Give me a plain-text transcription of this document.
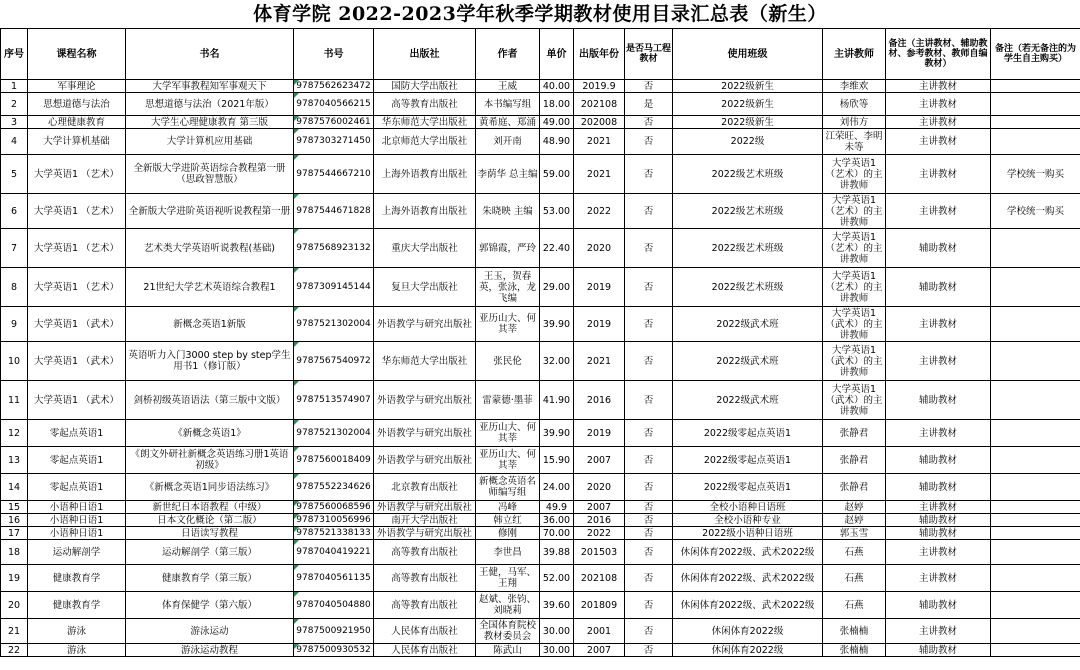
体育学院 2022-2023学年秋季学期教材使用目录汇总表（新生）
序号	课程名称	书名	书号	出版社	作者	单价	出版年份	是否马工程教材	使用班级	主讲教师	备注（主讲教材、辅助教材、参考教材、教师自编教材）	备注（若无备注的为学生自主购买）
1	军事理论	大学军事教程知军事观天下	9787562623472	国防大学出版社	王威	40.00	2019.9	否	2022级新生	李维欢	主讲教材	
2	思想道德与法治	思想道德与法治（2021年版）	9787040566215	高等教育出版社	本书编写组	18.00	202108	是	2022级新生	杨欣等	主讲教材	
3	心理健康教育	大学生心理健康教育 第三版	9787576002461	华东师范大学出版社	黄希庭、郑涌	49.00	202008	否	2022级新生	刘伟方	主讲教材	
4	大学计算机基础	大学计算机应用基础	9787303271450	北京师范大学出版社	刘开南	48.90	2021	否	2022级	江荣旺、李明未等	主讲教材	
5	大学英语1 （艺术）	全新版大学进阶英语综合教程第一册（思政智慧版）	9787544667210	上海外语教育出版社	李荫华 总主编	59.00	2021	否	2022级艺术班级	大学英语1（艺术）的主讲教师	主讲教材	学校统一购买
6	大学英语1 （艺术）	全新版大学进阶英语视听说教程第一册	9787544671828	上海外语教育出版社	朱晓映 主编	53.00	2022	否	2022级艺术班级	大学英语1（艺术）的主讲教师	主讲教材	学校统一购买
7	大学英语1 （艺术）	艺术类大学英语听说教程(基础)	9787568923132	重庆大学出版社	郭锦霞，严玲	22.40	2020	否	2022级艺术班级	大学英语1（艺术）的主讲教师	辅助教材	
8	大学英语1 （艺术）	21世纪大学艺术英语综合教程1	9787309145144	复旦大学出版社	王玉，贺春英，张泳，龙飞编	29.00	2019	否	2022级艺术班级	大学英语1（艺术）的主讲教师	辅助教材	
9	大学英语1 （武术）	新概念英语1新版	9787521302004	外语教学与研究出版社	亚历山大、何其莘	39.90	2019	否	2022级武术班	大学英语1（武术）的主讲教师	主讲教材	
10	大学英语1 （武术）	英语听力入门3000 step by step学生用书1（修订版）	9787567540972	华东师范大学出版社	张民伦	32.00	2021	否	2022级武术班	大学英语1（武术）的主讲教师	主讲教材	
11	大学英语1 （武术）	剑桥初级英语语法（第三版中文版）	9787513574907	外语教学与研究出版社	雷蒙德·墨菲	41.90	2016	否	2022级武术班	大学英语1（武术）的主讲教师	辅助教材	
12	零起点英语1	《新概念英语1》	9787521302004	外语教学与研究出版社	亚历山大、何其莘	39.90	2019	否	2022级零起点英语1	张静君	主讲教材	
13	零起点英语1	《朗文外研社新概念英语练习册1英语初级》	9787560018409	外语教学与研究出版社	亚历山大、何其莘	15.90	2007	否	2022级零起点英语1	张静君	辅助教材	
14	零起点英语1	《新概念英语1同步语法练习》	9787552234626	北京教育出版社	新概念英语名师编写组	24.00	2020	否	2022级零起点英语1	张静君	辅助教材	
15	小语种日语1	新世纪日本语教程（中级）	9787560068596	外语教学与研究出版社	冯峰	49.9	2007	否	全校小语种日语班	赵婷	主讲教材	
16	小语种日语1	日本文化概论（第二版）	9787310056996	南开大学出版社	韩立红	36.00	2016	否	全校小语种专业	赵婷	辅助教材	
17	小语种日语1	日语读写教程	9787521338133	外语教学与研究出版社	修刚	70.00	2022	否	2022级小语种日语班	郭玉雪	辅助教材	
18	运动解剖学	运动解剖学（第三版）	9787040419221	高等教育出版社	李世昌	39.88	201503	否	休闲体育2022级、武术2022级	石燕	主讲教材	
19	健康教育学	健康教育学（第三版）	9787040561135	高等教育出版社	王健，马军、王翔	52.00	202108	否	休闲体育2022级、武术2022级	石燕	主讲教材	
20	健康教育学	体育保健学（第六版）	9787040504880	高等教育出版社	赵斌、张钧、刘晓莉	39.60	201809	否	休闲体育2022级、武术2022级	石燕	辅助教材	
21	游泳	游泳运动	9787500921950	人民体育出版社	全国体育院校教材委员会	30.00	2001	否	休闲体育2022级	张楠楠	主讲教材	
22	游泳	游泳运动教程	9787500930532	人民体育出版社	陈武山	30.00	2007	否	休闲体育2022级	张楠楠	辅助教材	
